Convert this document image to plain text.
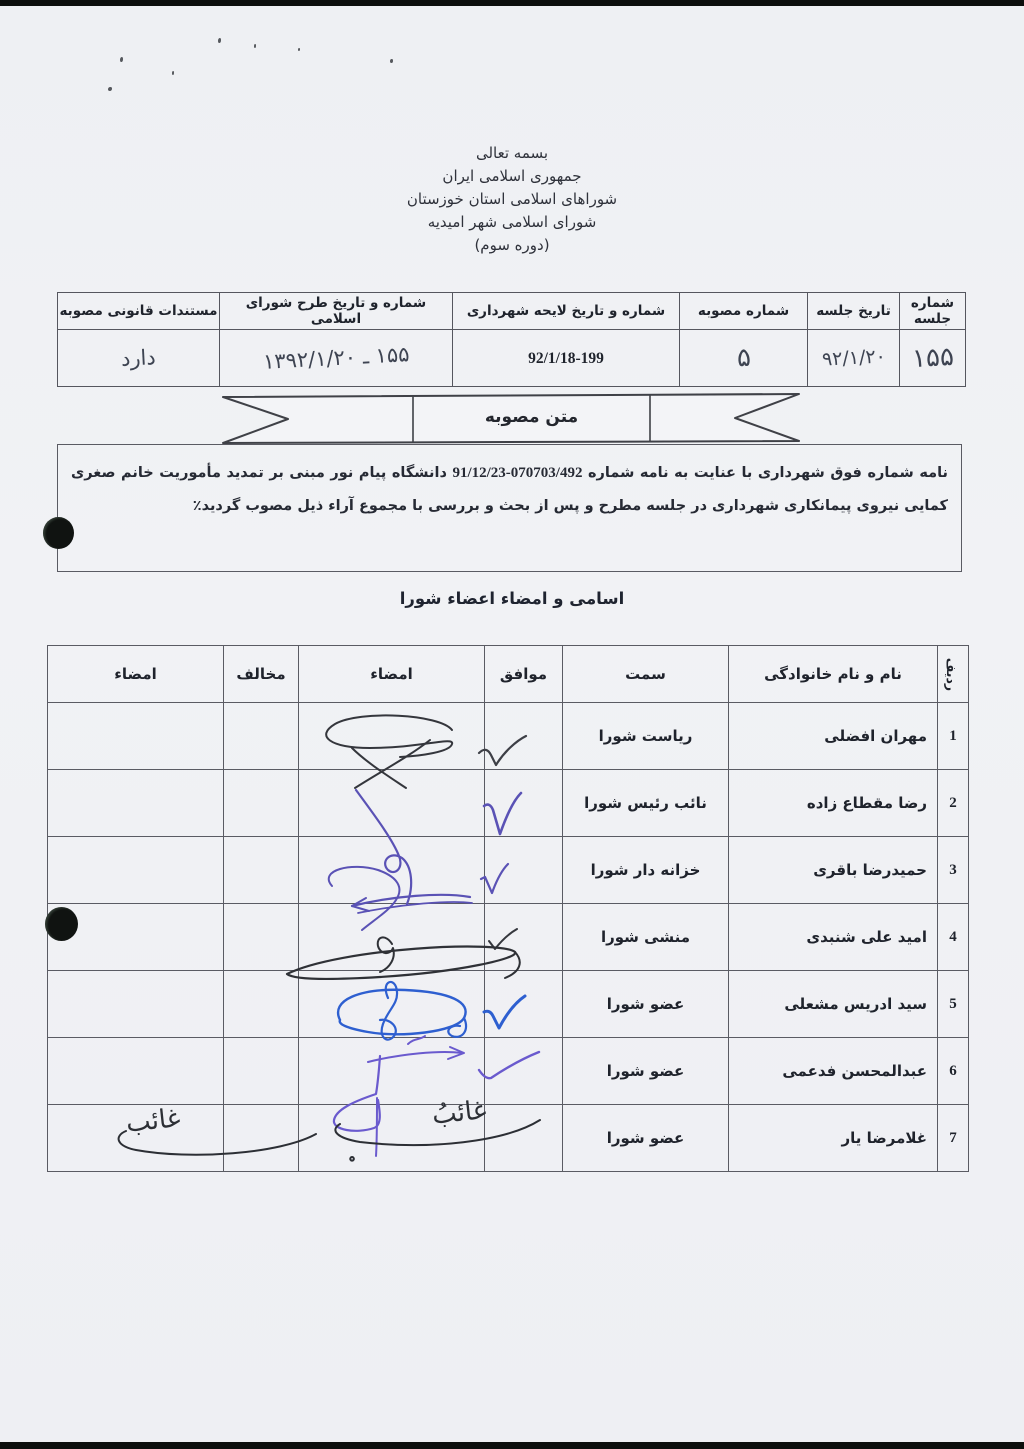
بسمه تعالی
جمهوری اسلامی ایران
شوراهای اسلامی استان خوزستان
شورای اسلامی شهر امیدیه
(دوره سوم)
شماره جلسه	تاریخ جلسه	شماره مصوبه	شماره و تاریخ لایحه شهرداری	شماره و تاریخ طرح شورای اسلامی	مستندات قانونی مصوبه
۱۵۵	۹۲/۱/۲۰	۵	92/1/18-199	۱۵۵ ـ ۱۳۹۲/۱/۲۰	دارد

نامه شماره فوق شهرداری با عنایت به نامه شماره 91/12/23-070703/492 دانشگاه پیام نور مبنی بر تمدید مأموریت خانم صغری کمایی نیروی پیمانکاری شهرداری در جلسه مطرح و پس از بحث و بررسی با مجموع آراء ذیل مصوب گردید٪

متن مصوبه
اسامی و امضاء اعضاء شورا
ردیف	نام و نام خانوادگی	سمت	موافق	امضاء	مخالف	امضاء
1	مهران افضلی	ریاست شورا				
2	رضا مقطاع زاده	نائب رئیس شورا				
3	حمیدرضا باقری	خزانه دار شورا				
4	امید علی شنبدی	منشی شورا				
5	سید ادریس مشعلی	عضو شورا				
6	عبدالمحسن فدعمی	عضو شورا				
7	غلامرضا یار	عضو شورا				
غائبُ
غائب
